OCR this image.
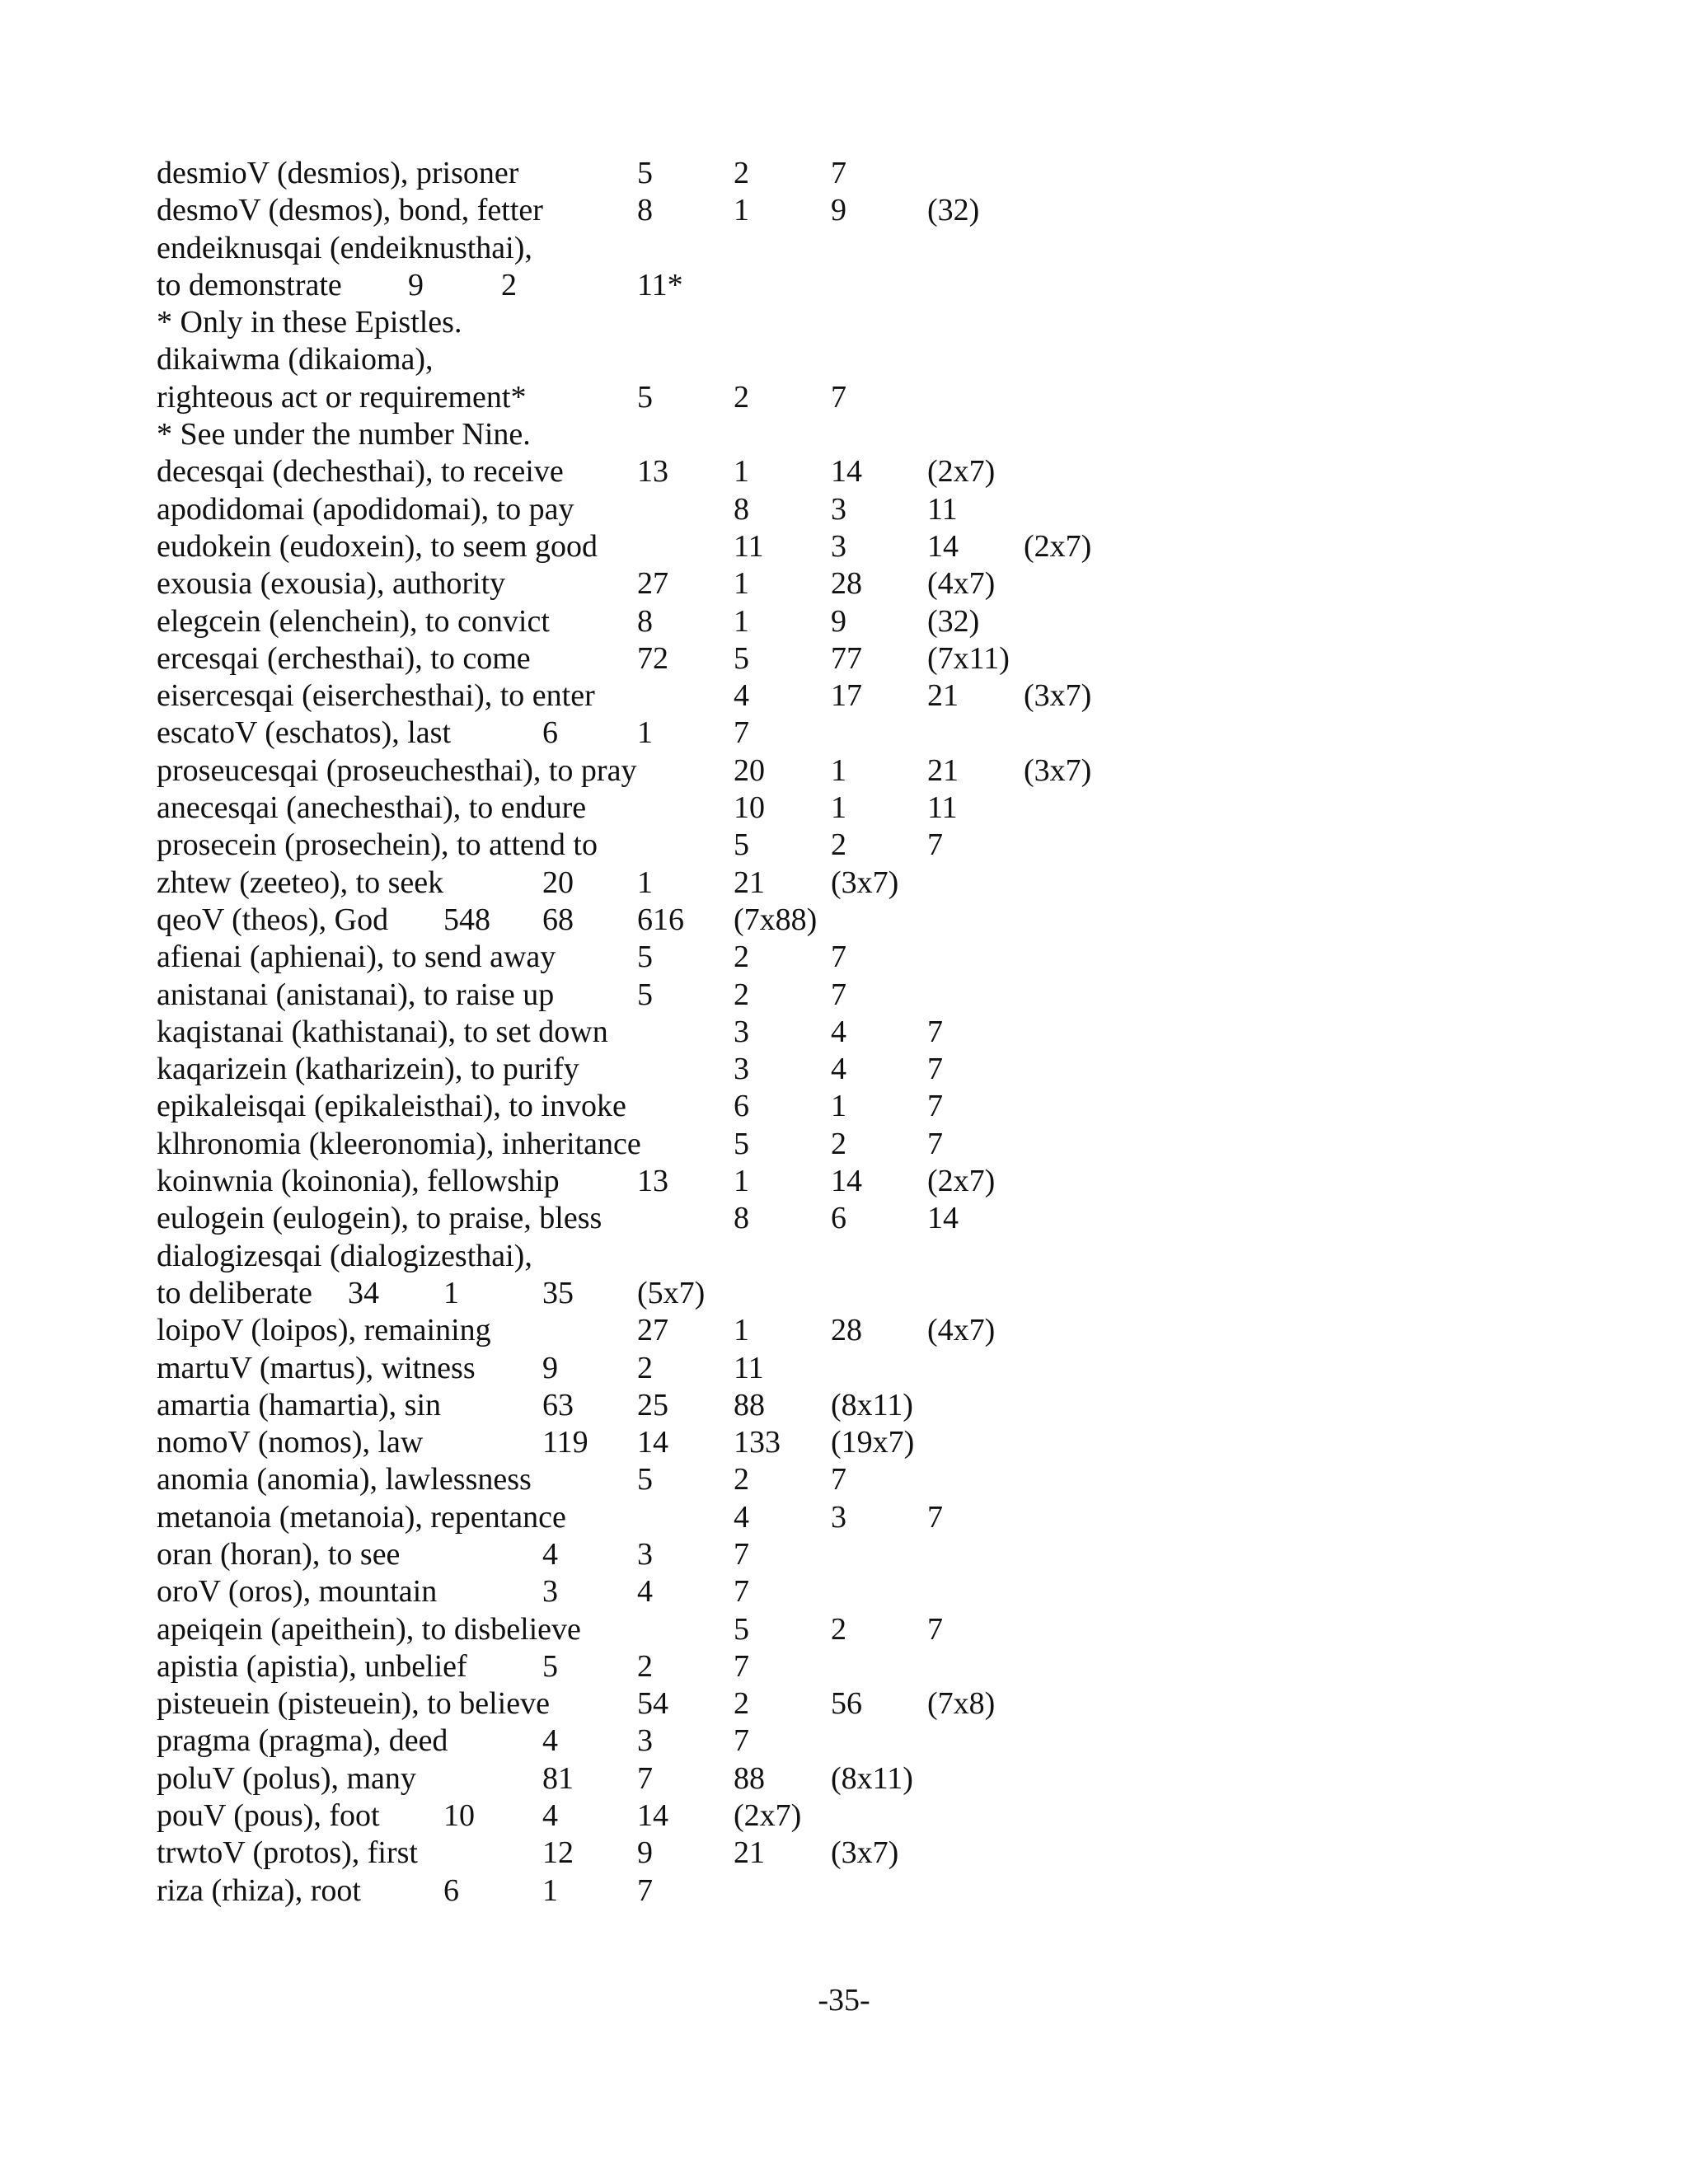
desmioV (desmios), prisoner	5	2	7
desmoV (desmos), bond, fetter	8	1	9	(32)
endeiknusqai (endeiknusthai),
to demonstrate 9 2	11*
* Only in these Epistles.
dikaiwma (dikaioma),
righteous act or requirement*	5	2	7
* See under the number Nine.
decesqai (dechesthai), to receive 13 1	14 (2x7)
apodidomai (apodidomai), to pay	8	3	11
eudokein (eudoxein), to seem good	11 3	14 (2x7)
exousia (exousia), authority	27 1	28 (4x7)
elegcein (elenchein), to convict	8	1	9	(32)
ercesqai (erchesthai), to come	72 5	77 (7x11)
eisercesqai (eiserchesthai), to enter	4	17 21 (3x7)
escatoV (eschatos), last	6	1	7
proseucesqai (proseuchesthai), to pray	20 1	21 (3x7)
anecesqai (anechesthai), to endure	10 1	11
prosecein (prosechein), to attend to	5	2	7
zhtew (zeeteo), to seek	20 1	21 (3x7)
qeoV (theos), God 548 68 616 (7x88)
afienai (aphienai), to send away	5	2	7
anistanai (anistanai), to raise up	5	2	7
kaqistanai (kathistanai), to set down	3	4	7
kaqarizein (katharizein), to purify	3	4	7
epikaleisqai (epikaleisthai), to invoke	6	1	7
klhronomia (kleeronomia), inheritance	5	2	7
koinwnia (koinonia), fellowship 13 1	14 (2x7)
eulogein (eulogein), to praise, bless	8	6	14
dialogizesqai (dialogizesthai),
to deliberate 34 1	35 (5x7)
loipoV (loipos), remaining	27 1	28 (4x7)
martuV (martus), witness 9	2	11
amartia (hamartia), sin	63 25 88 (8x11)
nomoV (nomos), law	119 14 133 (19x7)
anomia (anomia), lawlessness	5	2	7
metanoia (metanoia), repentance	4	3	7
oran (horan), to see	4	3	7
oroV (oros), mountain	3	4	7
apeiqein (apeithein), to disbelieve	5	2	7
apistia (apistia), unbelief 5	2	7
pisteuein (pisteuein), to believe	54 2	56 (7x8)
pragma (pragma), deed	4	3	7
poluV (polus), many	81 7	88 (8x11)
pouV (pous), foot 10 4	14 (2x7)
trwtoV (protos), first	12 9	21 (3x7)
riza (rhiza), root	6	1	7
-35-
